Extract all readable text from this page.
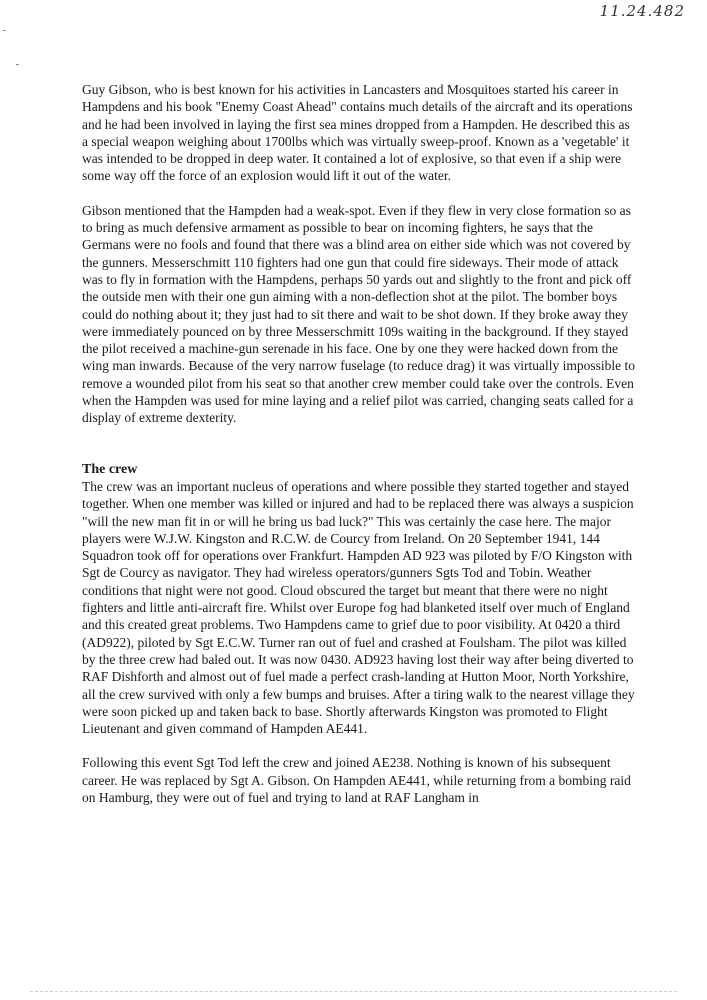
11.24.482

Guy Gibson, who is best known for his activities in Lancasters and Mosquitoes started his career in Hampdens and his book "Enemy Coast Ahead" contains much details of the aircraft and its operations and he had been involved in laying the first sea mines dropped from a Hampden. He described this as a special weapon weighing about 1700lbs which was virtually sweep-proof. Known as a 'vegetable' it was intended to be dropped in deep water. It contained a lot of explosive, so that even if a ship were some way off the force of an explosion would lift it out of the water.

Gibson mentioned that the Hampden had a weak-spot. Even if they flew in very close formation so as to bring as much defensive armament as possible to bear on incoming fighters, he says that the Germans were no fools and found that there was a blind area on either side which was not covered by the gunners. Messerschmitt 110 fighters had one gun that could fire sideways. Their mode of attack was to fly in formation with the Hampdens, perhaps 50 yards out and slightly to the front and pick off the outside men with their one gun aiming with a non-deflection shot at the pilot. The bomber boys could do nothing about it; they just had to sit there and wait to be shot down. If they broke away they were immediately pounced on by three Messerschmitt 109s waiting in the background. If they stayed the pilot received a machine-gun serenade in his face. One by one they were hacked down from the wing man inwards. Because of the very narrow fuselage (to reduce drag) it was virtually impossible to remove a wounded pilot from his seat so that another crew member could take over the controls. Even when the Hampden was used for mine laying and a relief pilot was carried, changing seats called for a display of extreme dexterity.

The crew

The crew was an important nucleus of operations and where possible they started together and stayed together. When one member was killed or injured and had to be replaced there was always a suspicion "will the new man fit in or will he bring us bad luck?" This was certainly the case here. The major players were W.J.W. Kingston and R.C.W. de Courcy from Ireland. On 20 September 1941, 144 Squadron took off for operations over Frankfurt. Hampden AD 923 was piloted by F/O Kingston with Sgt de Courcy as navigator. They had wireless operators/gunners Sgts Tod and Tobin. Weather conditions that night were not good. Cloud obscured the target but meant that there were no night fighters and little anti-aircraft fire. Whilst over Europe fog had blanketed itself over much of England and this created great problems. Two Hampdens came to grief due to poor visibility. At 0420 a third (AD922), piloted by Sgt E.C.W. Turner ran out of fuel and crashed at Foulsham. The pilot was killed by the three crew had baled out. It was now 0430. AD923 having lost their way after being diverted to RAF Dishforth and almost out of fuel made a perfect crash-landing at Hutton Moor, North Yorkshire, all the crew survived with only a few bumps and bruises. After a tiring walk to the nearest village they were soon picked up and taken back to base. Shortly afterwards Kingston was promoted to Flight Lieutenant and given command of Hampden AE441.

Following this event Sgt Tod left the crew and joined AE238. Nothing is known of his subsequent career. He was replaced by Sgt A. Gibson. On Hampden AE441, while returning from a bombing raid on Hamburg, they were out of fuel and trying to land at RAF Langham in
